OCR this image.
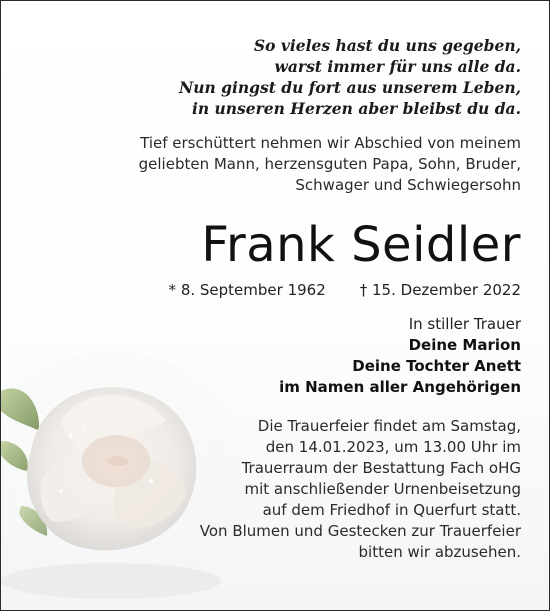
So vieles hast du uns gegeben,
warst immer für uns alle da.
Nun gingst du fort aus unserem Leben,
in unseren Herzen aber bleibst du da.
Tief erschüttert nehmen wir Abschied von meinem
geliebten Mann, herzensguten Papa, Sohn, Bruder,
Schwager und Schwiegersohn
Frank Seidler
* 8. September 1962 † 15. Dezember 2022
In stiller Trauer
Deine Marion
Deine Tochter Anett
im Namen aller Angehörigen
Die Trauerfeier findet am Samstag,
den 14.01.2023, um 13.00 Uhr im
Trauerraum der Bestattung Fach oHG
mit anschließender Urnenbeisetzung
auf dem Friedhof in Querfurt statt.
Von Blumen und Gestecken zur Trauerfeier
bitten wir abzusehen.
